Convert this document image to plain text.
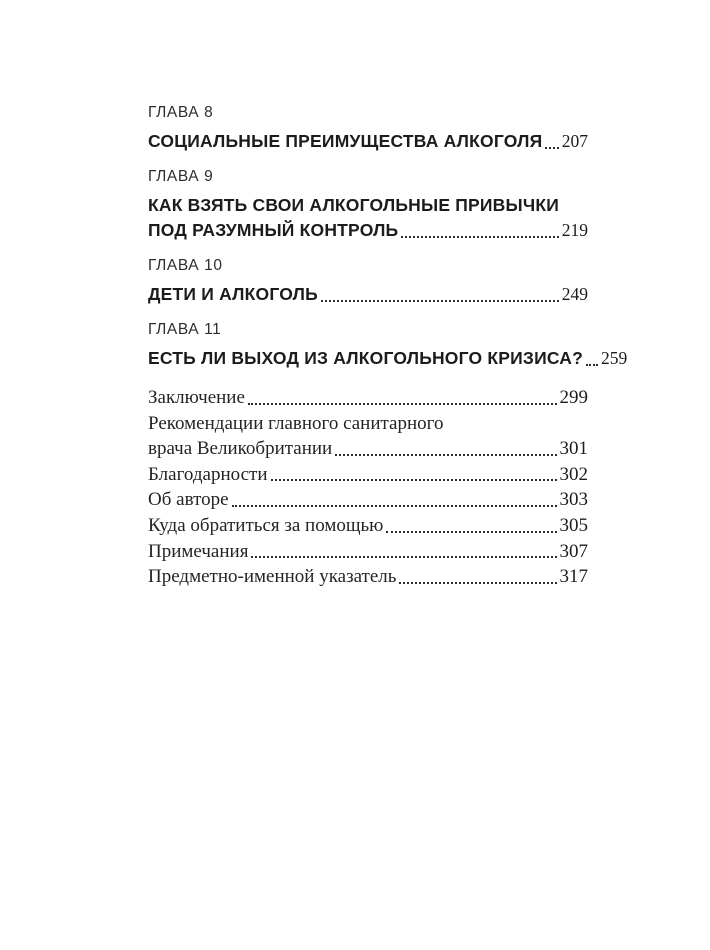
ГЛАВА 8
СОЦИАЛЬНЫЕ ПРЕИМУЩЕСТВА АЛКОГОЛЯ 207
ГЛАВА 9
КАК ВЗЯТЬ СВОИ АЛКОГОЛЬНЫЕ ПРИВЫЧКИ
ПОД РАЗУМНЫЙ КОНТРОЛЬ	219
ГЛАВА 10
ДЕТИ И АЛКОГОЛЬ	249
ГЛАВА 11
ЕСТЬ ЛИ ВЫХОД ИЗ АЛКОГОЛЬНОГО КРИЗИСА? 259
Заключение	299
Рекомендации главного санитарного
врача Великобритании	301
Благодарности	302
Об авторе	303
Куда обратиться за помощью	305
Примечания	307
Предметно-именной указатель	317
